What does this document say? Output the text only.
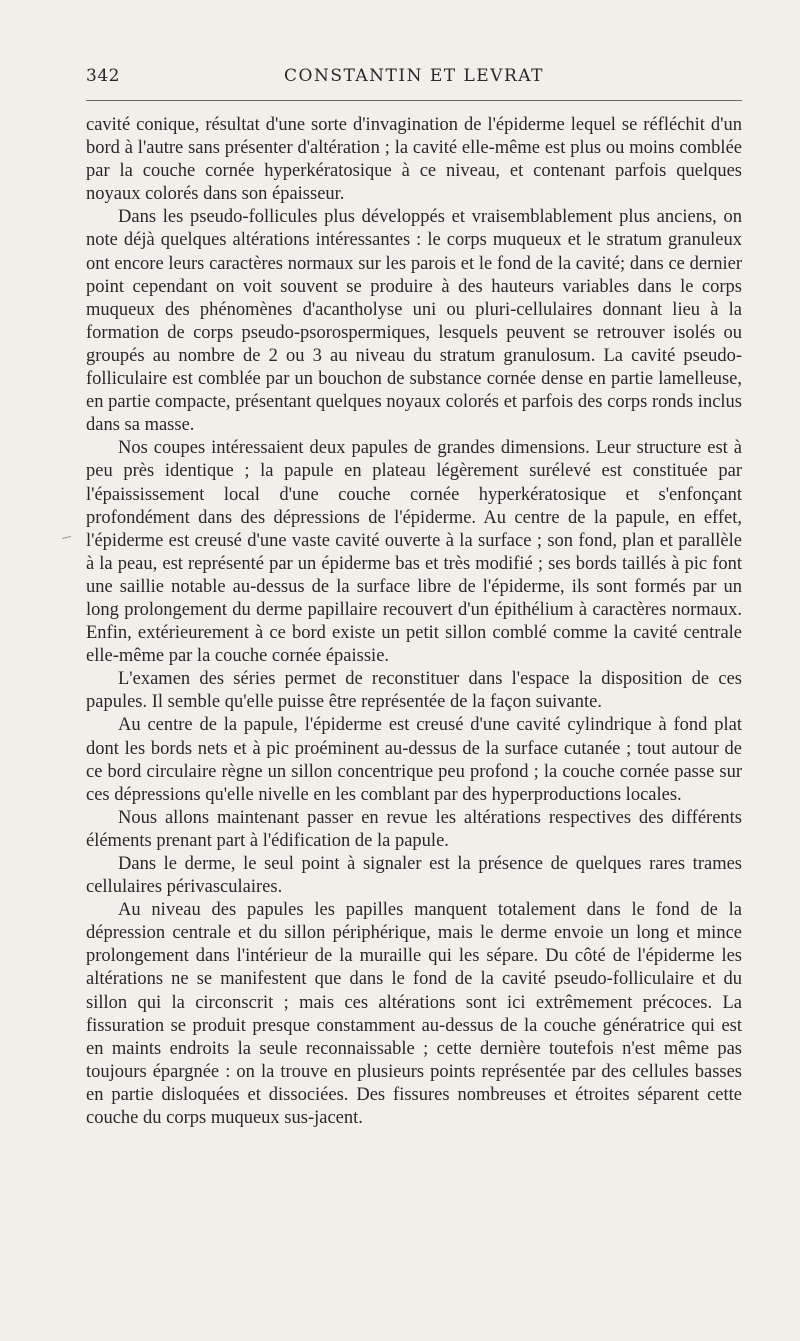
342	CONSTANTIN ET LEVRAT

cavité conique, résultat d'une sorte d'invagination de l'épiderme lequel se réfléchit d'un bord à l'autre sans présenter d'altération ; la cavité elle-même est plus ou moins comblée par la couche cornée hyperkératosique à ce niveau, et contenant parfois quelques noyaux colorés dans son épaisseur.

Dans les pseudo-follicules plus développés et vraisemblablement plus anciens, on note déjà quelques altérations intéressantes : le corps muqueux et le stratum granuleux ont encore leurs caractères normaux sur les parois et le fond de la cavité; dans ce dernier point cependant on voit souvent se produire à des hauteurs variables dans le corps muqueux des phénomènes d'acantholyse uni ou pluri-cellulaires donnant lieu à la formation de corps pseudo-psorospermiques, lesquels peuvent se retrouver isolés ou groupés au nombre de 2 ou 3 au niveau du stratum granulosum. La cavité pseudo-folliculaire est comblée par un bouchon de substance cornée dense en partie lamelleuse, en partie compacte, présentant quelques noyaux colorés et parfois des corps ronds inclus dans sa masse.

Nos coupes intéressaient deux papules de grandes dimensions. Leur structure est à peu près identique ; la papule en plateau légèrement surélevé est constituée par l'épaississement local d'une couche cornée hyperkératosique et s'enfonçant profondément dans des dépressions de l'épiderme. Au centre de la papule, en effet, l'épiderme est creusé d'une vaste cavité ouverte à la surface ; son fond, plan et parallèle à la peau, est représenté par un épiderme bas et très modifié ; ses bords taillés à pic font une saillie notable au-dessus de la surface libre de l'épiderme, ils sont formés par un long prolongement du derme papillaire recouvert d'un épithélium à caractères normaux. Enfin, extérieurement à ce bord existe un petit sillon comblé comme la cavité centrale elle-même par la couche cornée épaissie.

L'examen des séries permet de reconstituer dans l'espace la disposition de ces papules. Il semble qu'elle puisse être représentée de la façon suivante.

Au centre de la papule, l'épiderme est creusé d'une cavité cylindrique à fond plat dont les bords nets et à pic proéminent au-dessus de la surface cutanée ; tout autour de ce bord circulaire règne un sillon concentrique peu profond ; la couche cornée passe sur ces dépressions qu'elle nivelle en les comblant par des hyperproductions locales.

Nous allons maintenant passer en revue les altérations respectives des différents éléments prenant part à l'édification de la papule.

Dans le derme, le seul point à signaler est la présence de quelques rares trames cellulaires périvasculaires.

Au niveau des papules les papilles manquent totalement dans le fond de la dépression centrale et du sillon périphérique, mais le derme envoie un long et mince prolongement dans l'intérieur de la muraille qui les sépare. Du côté de l'épiderme les altérations ne se manifestent que dans le fond de la cavité pseudo-folliculaire et du sillon qui la circonscrit ; mais ces altérations sont ici extrêmement précoces. La fissuration se produit presque constamment au-dessus de la couche génératrice qui est en maints endroits la seule reconnaissable ; cette dernière toutefois n'est même pas toujours épargnée : on la trouve en plusieurs points représentée par des cellules basses en partie disloquées et dissociées. Des fissures nombreuses et étroites séparent cette couche du corps muqueux sus-jacent.
